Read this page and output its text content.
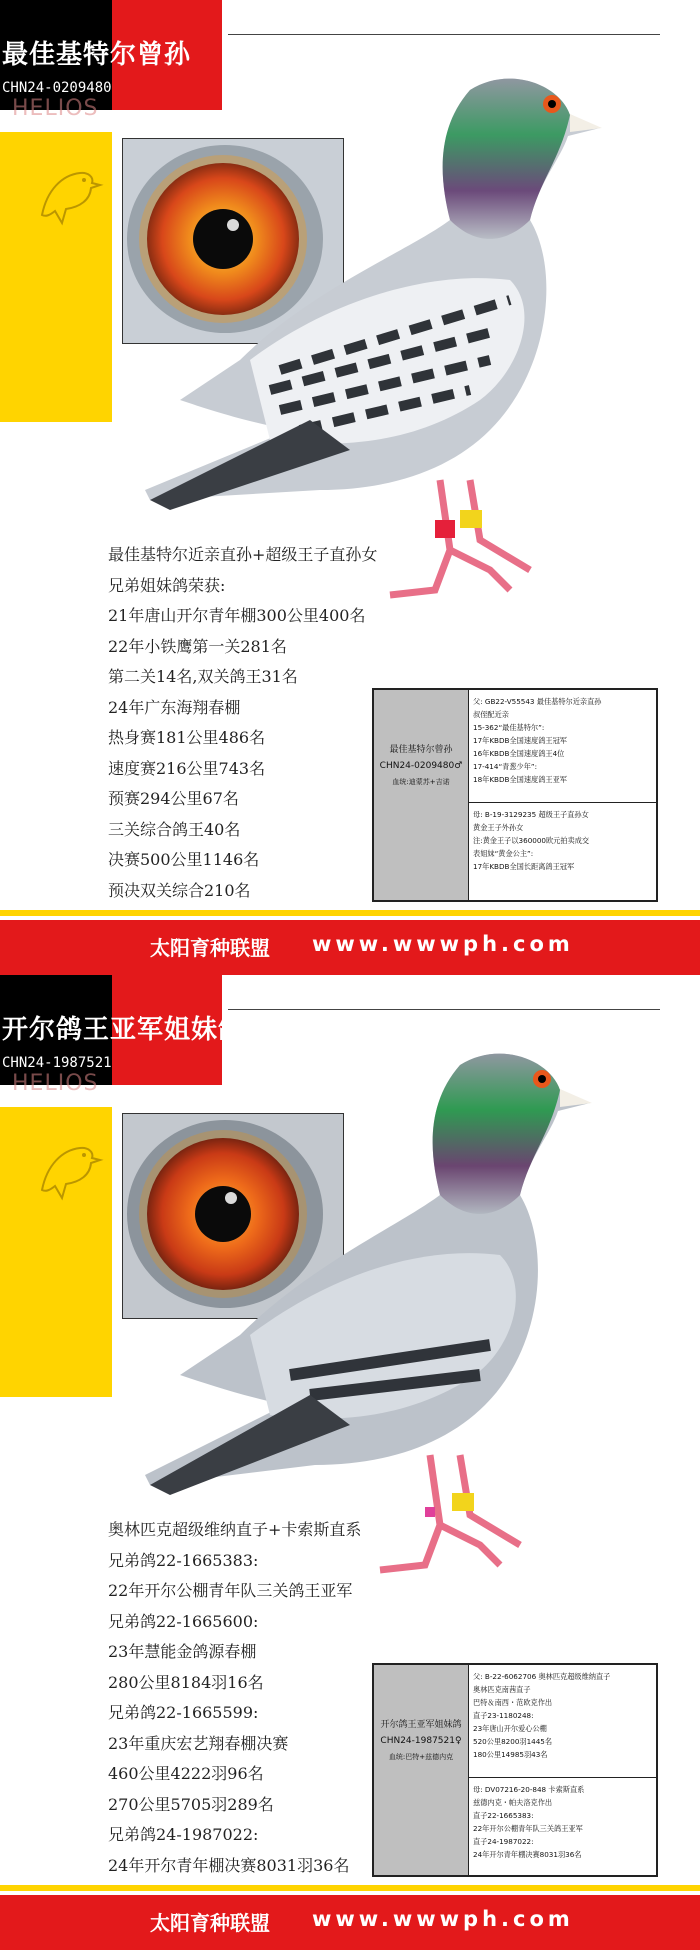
最佳基特尔曾孙
CHN24-0209480
HELIOS
最佳基特尔近亲直孙+超级王子直孙女
兄弟姐妹鸽荣获:
21年唐山开尔青年棚300公里400名
22年小铁鹰第一关281名
第二关14名,双关鸽王31名
24年广东海翔春棚
热身赛181公里486名
速度赛216公里743名
预赛294公里67名
三关综合鸽王40名
决赛500公里1146名
预决双关综合210名
最佳基特尔曾孙
CHN24-0209480♂
血统:迪蒙苏+吉诺
父: GB22-V55543 最佳基特尔近亲直孙
叔侄配近亲
15-362“最佳基特尔”:
17年KBDB全国速度鸽王冠军
16年KBDB全国速度鸽王4位
17-414“青葱少年”:
18年KBDB全国速度鸽王亚军
母: B-19-3129235 超级王子直孙女
黄金王子外孙女
注:黄金王子以360000欧元拍卖成交
表姐妹“黄金公主”:
17年KBDB全国长距离鸽王冠军
太阳育种联盟 www.wwwph.com
开尔鸽王亚军姐妹鸽
CHN24-1987521
HELIOS
奥林匹克超级维纳直子+卡索斯直系
兄弟鸽22-1665383:
22年开尔公棚青年队三关鸽王亚军
兄弟鸽22-1665600:
23年慧能金鸽源春棚
280公里8184羽16名
兄弟鸽22-1665599:
23年重庆宏艺翔春棚决赛
460公里4222羽96名
270公里5705羽289名
兄弟鸽24-1987022:
24年开尔青年棚决赛8031羽36名
开尔鸽王亚军姐妹鸽
CHN24-1987521♀
血统:巴特+兹德内克
父: B-22-6062706 奥林匹克超级维纳直子
奥林匹克南茜直子
巴特＆南西・范欧克作出
直子23-1180248:
23年唐山开尔爱心公棚
520公里8200羽1445名
180公里14985羽43名
母: DV07216-20-848 卡索斯直系
兹德内克・帕夫洛克作出
直子22-1665383:
22年开尔公棚青年队三关鸽王亚军
直子24-1987022:
24年开尔青年棚决赛8031羽36名
太阳育种联盟 www.wwwph.com
